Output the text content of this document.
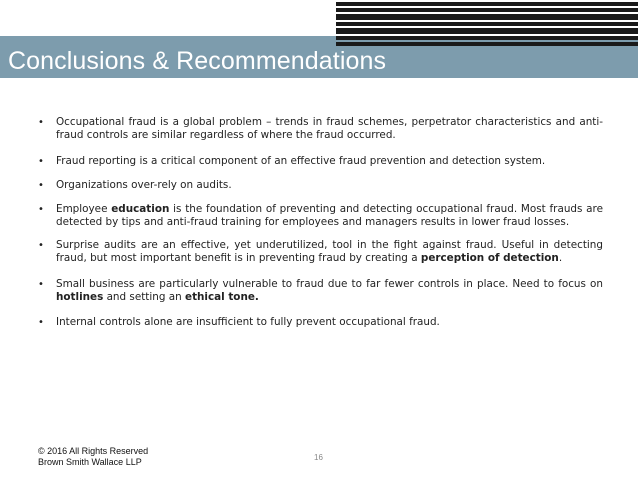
Conclusions & Recommendations
• Occupational fraud is a global problem – trends in fraud schemes, perpetrator characteristics and anti-fraud controls are similar regardless of where the fraud occurred.
• Fraud reporting is a critical component of an effective fraud prevention and detection system.
• Organizations over-rely on audits.
• Employee education is the foundation of preventing and detecting occupational fraud. Most frauds are detected by tips and anti-fraud training for employees and managers results in lower fraud losses.
• Surprise audits are an effective, yet underutilized, tool in the fight against fraud. Useful in detecting fraud, but most important benefit is in preventing fraud by creating a perception of detection.
• Small business are particularly vulnerable to fraud due to far fewer controls in place. Need to focus on hotlines and setting an ethical tone.
• Internal controls alone are insufficient to fully prevent occupational fraud.
© 2016 All Rights Reserved
Brown Smith Wallace LLP	16
